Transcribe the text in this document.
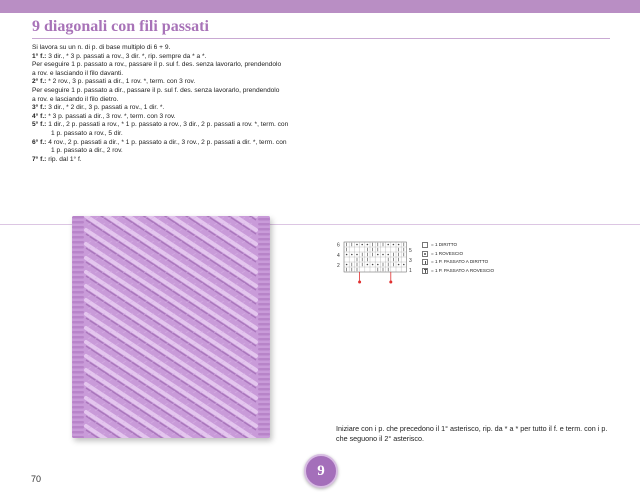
9 diagonali con fili passati

Si lavora su un n. di p. di base multiplo di 6 + 9.

1° f.: 3 dir., * 3 p. passati a rov., 3 dir. *, rip. sempre da * a *.

Per eseguire 1 p. passato a rov., passare il p. sul f. des. senza lavorarlo, prendendolo

a rov. e lasciando il filo davanti.

2° f.: * 2 rov., 3 p. passati a dir., 1 rov. *, term. con 3 rov.

Per eseguire 1 p. passato a dir., passare il p. sul f. des. senza lavorarlo, prendendolo

a rov. e lasciando il filo dietro.

3° f.: 3 dir., * 2 dir., 3 p. passati a rov., 1 dir. *.

4° f.: * 3 p. passati a dir., 3 rov. *, term. con 3 rov.

5° f.: 1 dir., 2 p. passati a rov., * 1 p. passato a rov., 3 dir., 2 p. passati a rov. *, term. con

1 p. passato a rov., 5 dir.

6° f.: 4 rov., 2 p. passati a dir., * 1 p. passato a dir., 3 rov., 2 p. passati a dir. *, term. con

1 p. passato a dir., 2 rov.

7° f.: rip. dal 1° f.

6
4
2
5
3
1
= 1 DIRITTO
= 1 ROVESCIO
= 1 P. PASSATO A DIRITTO
= 1 P. PASSATO A ROVESCIO

Iniziare con i p. che precedono il 1° asterisco, rip. da * a * per tutto il f. e term. con i p. che seguono il 2° asterisco.

70
9
